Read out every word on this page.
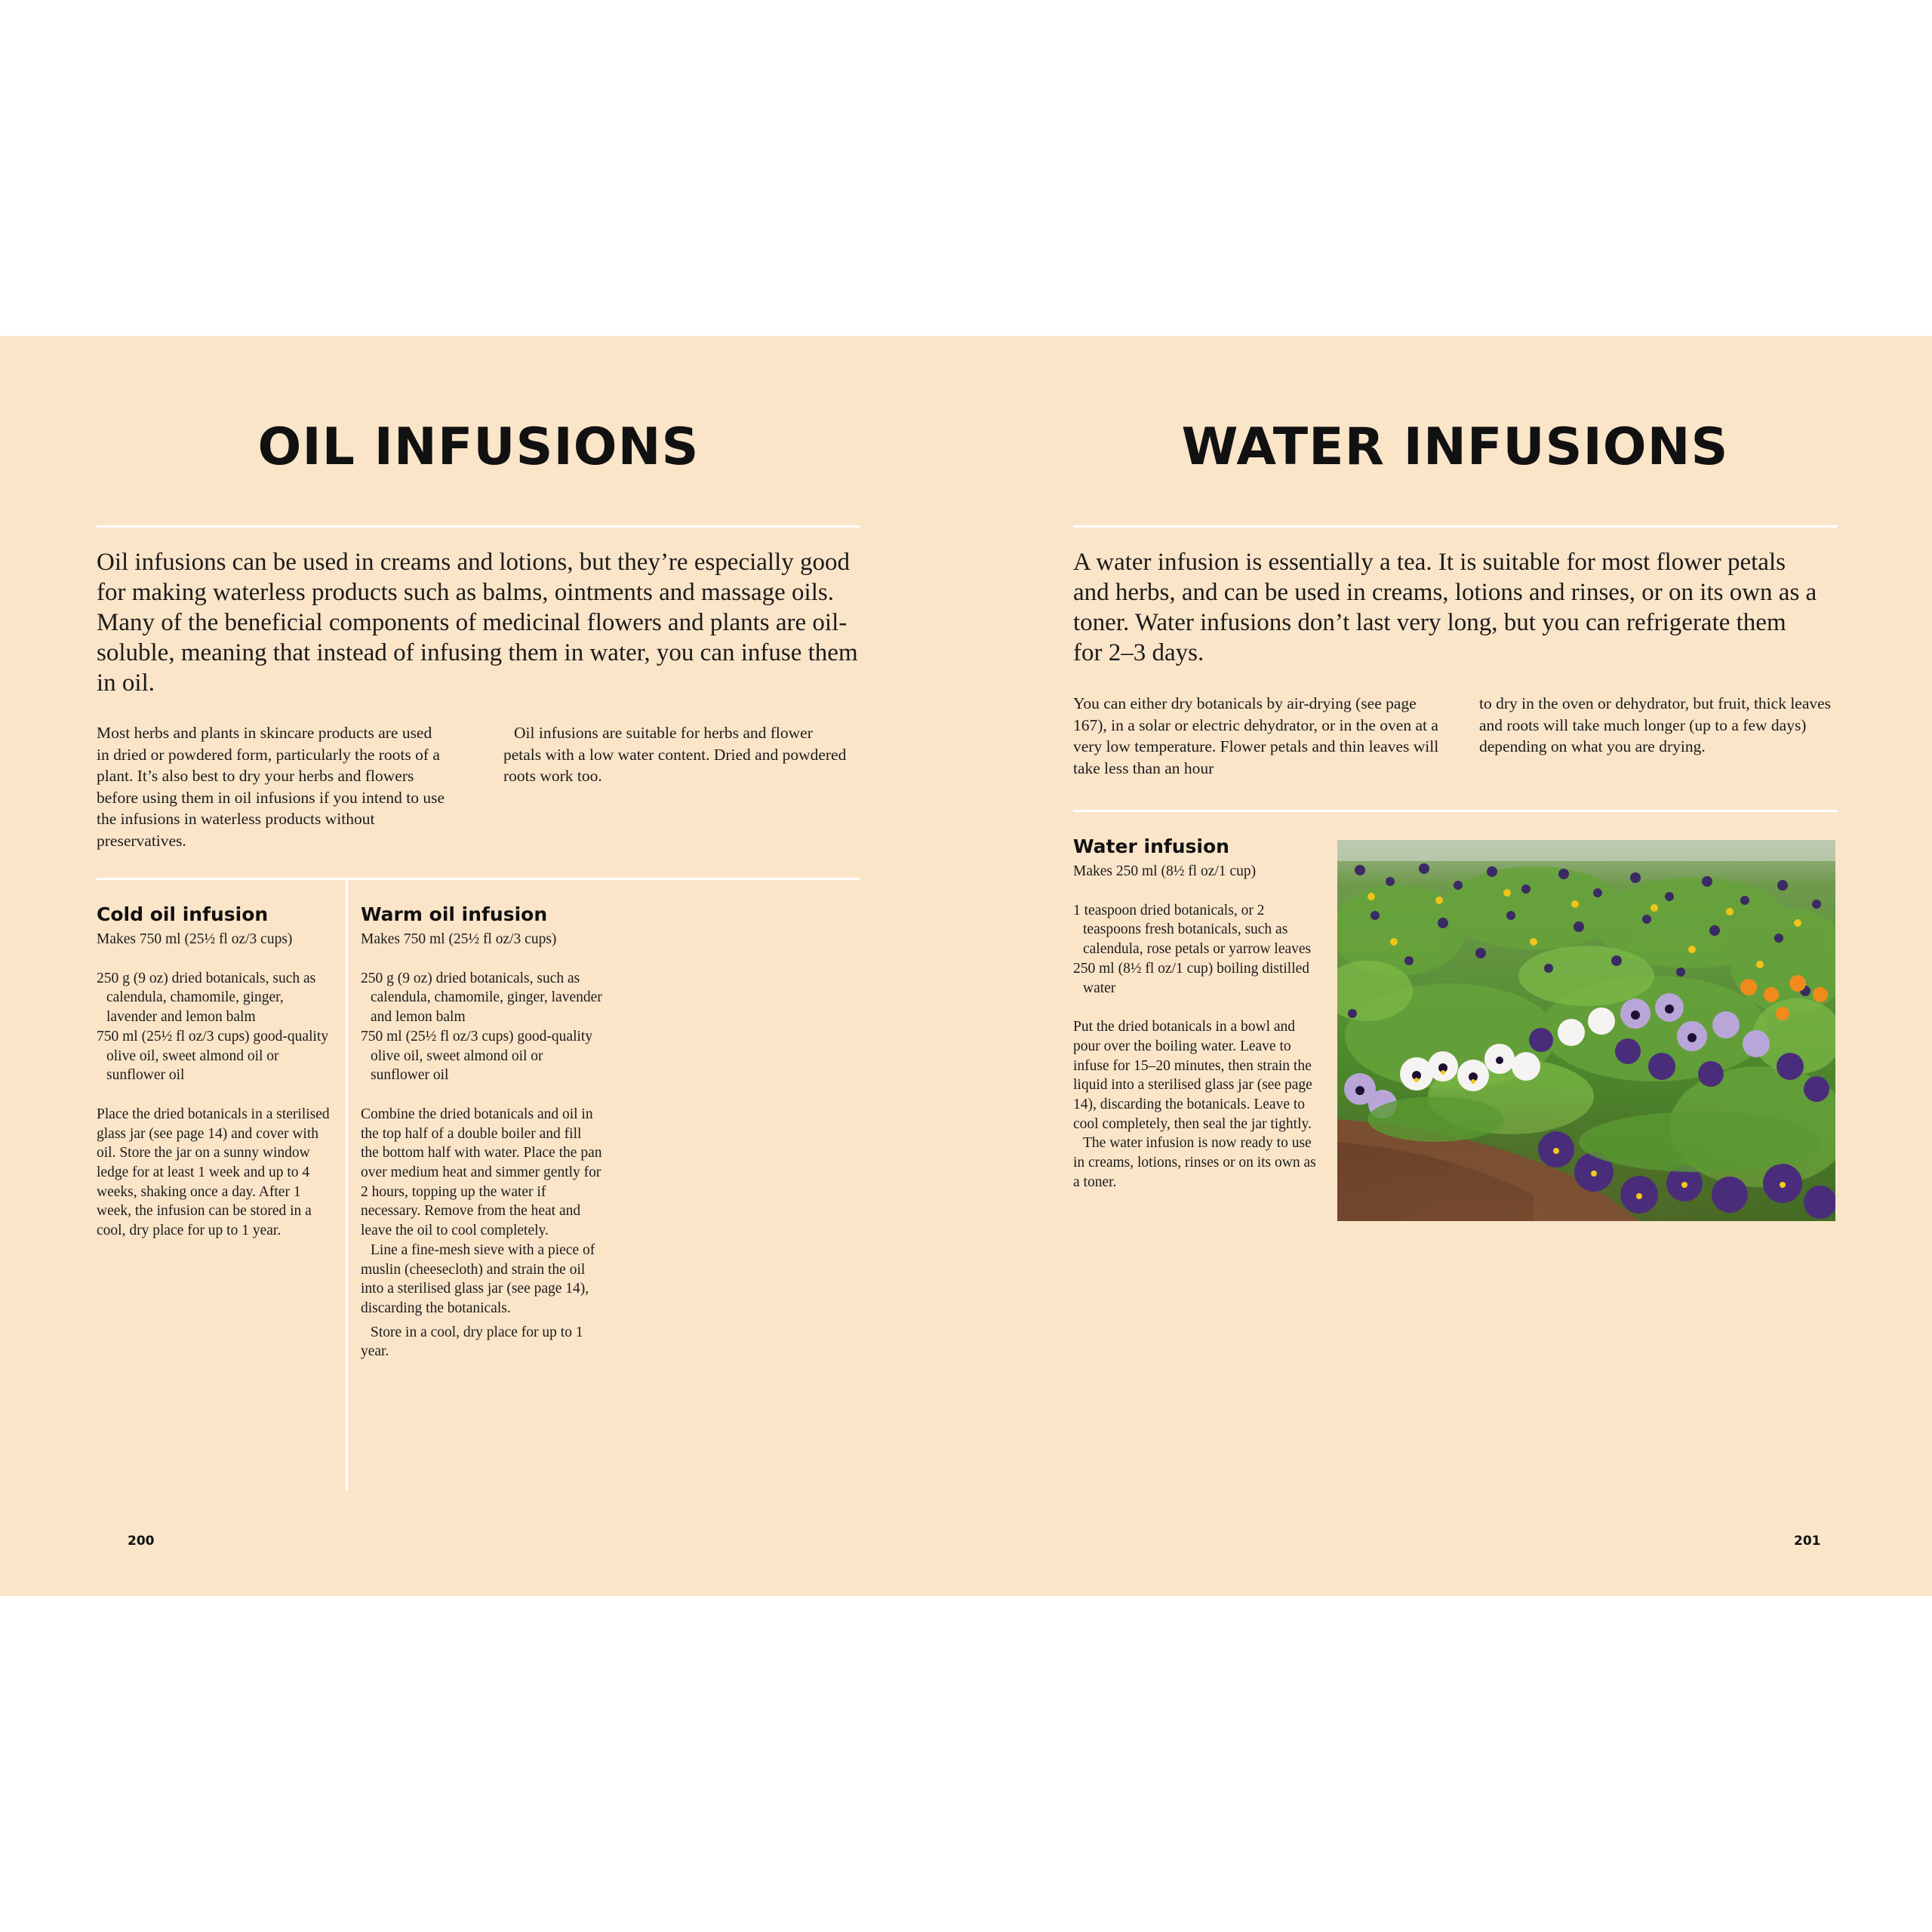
OIL INFUSIONS

Oil infusions can be used in creams and lotions, but they’re especially good for making waterless products such as balms, ointments and massage oils. Many of the beneficial components of medicinal flowers and plants are oil-soluble, meaning that instead of infusing them in water, you can infuse them in oil.

Most herbs and plants in skincare products are used in dried or powdered form, particularly the roots of a plant. It’s also best to dry your herbs and flowers before using them in oil infusions if you intend to use the infusions in waterless products without preservatives.

Oil infusions are suitable for herbs and flower petals with a low water content. Dried and powdered roots work too.

Cold oil infusion

Makes 750 ml (25½ fl oz/3 cups)

250 g (9 oz) dried botanicals, such as calendula, chamomile, ginger, lavender and lemon balm
750 ml (25½ fl oz/3 cups) good-quality olive oil, sweet almond oil or sunflower oil

Place the dried botanicals in a sterilised glass jar (see page 14) and cover with oil. Store the jar on a sunny window ledge for at least 1 week and up to 4 weeks, shaking once a day. After 1 week, the infusion can be stored in a cool, dry place for up to 1 year.

Warm oil infusion

Makes 750 ml (25½ fl oz/3 cups)

250 g (9 oz) dried botanicals, such as calendula, chamomile, ginger, lavender and lemon balm
750 ml (25½ fl oz/3 cups) good-quality olive oil, sweet almond oil or sunflower oil

Combine the dried botanicals and oil in the top half of a double boiler and fill the bottom half with water. Place the pan over medium heat and simmer gently for 2 hours, topping up the water if necessary. Remove from the heat and leave the oil to cool completely.

Line a fine-mesh sieve with a piece of muslin (cheesecloth) and strain the oil into a sterilised glass jar (see page 14), discarding the botanicals.

Store in a cool, dry place for up to 1 year.

200
WATER INFUSIONS

A water infusion is essentially a tea. It is suitable for most flower petals and herbs, and can be used in creams, lotions and rinses, or on its own as a toner. Water infusions don’t last very long, but you can refrigerate them for 2–3 days.

You can either dry botanicals by air-drying (see page 167), in a solar or electric dehydrator, or in the oven at a very low temperature. Flower petals and thin leaves will take less than an hour

to dry in the oven or dehydrator, but fruit, thick leaves and roots will take much longer (up to a few days) depending on what you are drying.

Water infusion

Makes 250 ml (8½ fl oz/1 cup)

1 teaspoon dried botanicals, or 2 teaspoons fresh botanicals, such as calendula, rose petals or yarrow leaves
250 ml (8½ fl oz/1 cup) boiling distilled water

Put the dried botanicals in a bowl and pour over the boiling water. Leave to infuse for 15–20 minutes, then strain the liquid into a sterilised glass jar (see page 14), discarding the botanicals. Leave to cool completely, then seal the jar tightly.

The water infusion is now ready to use in creams, lotions, rinses or on its own as a toner.

201
